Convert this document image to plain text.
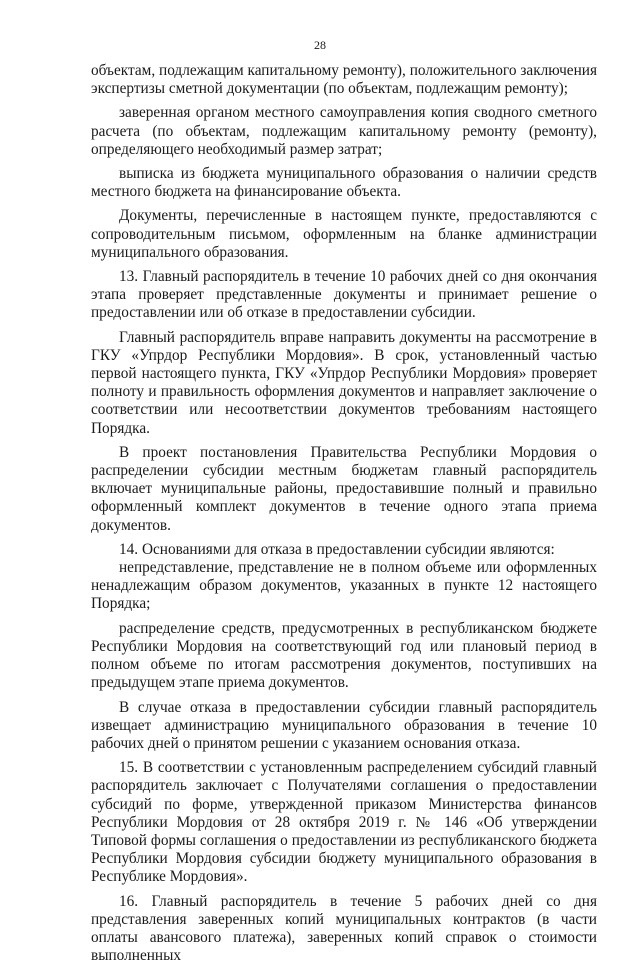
28

объектам, подлежащим капитальному ремонту), положительного заключения экспертизы сметной документации (по объектам, подлежащим ремонту);

заверенная органом местного самоуправления копия сводного сметного расчета (по объектам, подлежащим капитальному ремонту (ремонту), определяющего необходимый размер затрат;

выписка из бюджета муниципального образования о наличии средств местного бюджета на финансирование объекта.

Документы, перечисленные в настоящем пункте, предоставляются с сопроводительным письмом, оформленным на бланке администрации муниципального образования.

13. Главный распорядитель в течение 10 рабочих дней со дня окончания этапа проверяет представленные документы и принимает решение о предоставлении или об отказе в предоставлении субсидии.

Главный распорядитель вправе направить документы на рассмотрение в ГКУ «Упрдор Республики Мордовия». В срок, установленный частью первой настоящего пункта, ГКУ «Упрдор Республики Мордовия» проверяет полноту и правильность оформления документов и направляет заключение о соответствии или несоответствии документов требованиям настоящего Порядка.

В проект постановления Правительства Республики Мордовия о распределении субсидии местным бюджетам главный распорядитель включает муниципальные районы, предоставившие полный и правильно оформленный комплект документов в течение одного этапа приема документов.

14. Основаниями для отказа в предоставлении субсидии являются:

непредставление, представление не в полном объеме или оформленных ненадлежащим образом документов, указанных в пункте 12 настоящего Порядка;

распределение средств, предусмотренных в республиканском бюджете Республики Мордовия на соответствующий год или плановый период в полном объеме по итогам рассмотрения документов, поступивших на предыдущем этапе приема документов.

В случае отказа в предоставлении субсидии главный распорядитель извещает администрацию муниципального образования в течение 10 рабочих дней о принятом решении с указанием основания отказа.

15. В соответствии с установленным распределением субсидий главный распорядитель заключает с Получателями соглашения о предоставлении субсидий по форме, утвержденной приказом Министерства финансов Республики Мордовия от 28 октября 2019 г. № 146 «Об утверждении Типовой формы соглашения о предоставлении из республиканского бюджета Республики Мордовия субсидии бюджету муниципального образования в Республике Мордовия».

16. Главный распорядитель в течение 5 рабочих дней со дня представления заверенных копий муниципальных контрактов (в части оплаты авансового платежа), заверенных копий справок о стоимости выполненных
